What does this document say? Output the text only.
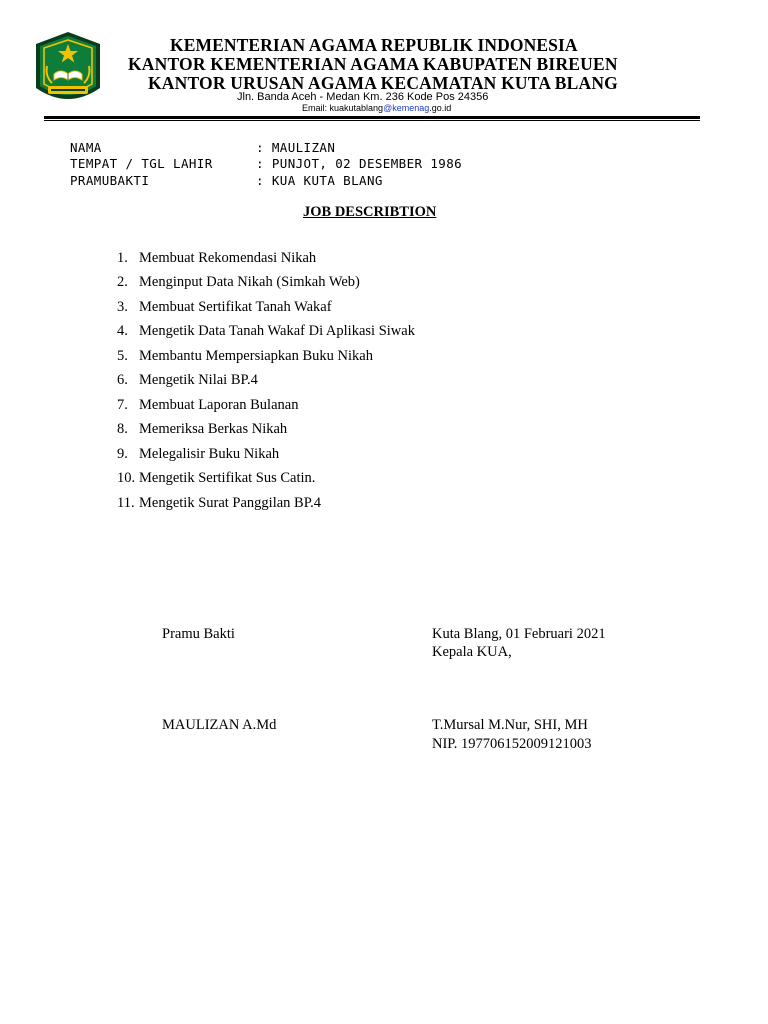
KEMENTERIAN AGAMA REPUBLIK INDONESIA
KANTOR KEMENTERIAN AGAMA KABUPATEN BIREUEN
KANTOR URUSAN AGAMA KECAMATAN KUTA BLANG
Jln. Banda Aceh - Medan Km. 236 Kode Pos 24356
Email: kuakutablang@kemenag.go.id
NAMA	: MAULIZAN
TEMPAT / TGL LAHIR	: PUNJOT, 02 DESEMBER 1986
PRAMUBAKTI	: KUA KUTA BLANG
JOB DESCRIBTION
1. Membuat Rekomendasi Nikah
2. Menginput Data Nikah (Simkah Web)
3. Membuat Sertifikat Tanah Wakaf
4. Mengetik Data Tanah Wakaf Di Aplikasi Siwak
5. Membantu Mempersiapkan Buku Nikah
6. Mengetik Nilai BP.4
7. Membuat Laporan Bulanan
8. Memeriksa Berkas Nikah
9. Melegalisir Buku Nikah
10. Mengetik Sertifikat Sus Catin.
11. Mengetik Surat Panggilan BP.4
Pramu Bakti	Kuta Blang, 01 Februari 2021
Kepala KUA,
MAULIZAN A.Md	T.Mursal M.Nur, SHI, MH
NIP. 197706152009121003
